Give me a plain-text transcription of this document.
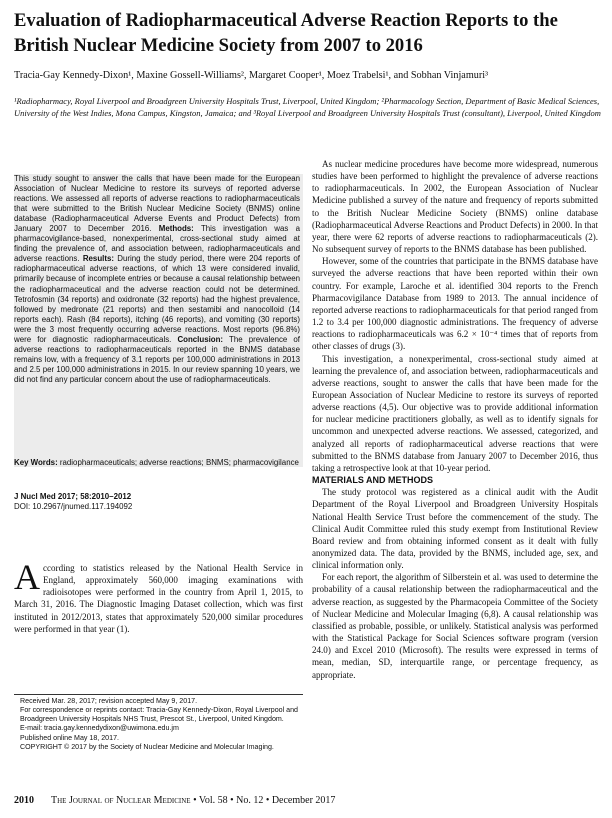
Evaluation of Radiopharmaceutical Adverse Reaction Reports to the British Nuclear Medicine Society from 2007 to 2016
Tracia-Gay Kennedy-Dixon¹, Maxine Gossell-Williams², Margaret Cooper¹, Moez Trabelsi¹, and Sobhan Vinjamuri³
¹Radiopharmacy, Royal Liverpool and Broadgreen University Hospitals Trust, Liverpool, United Kingdom; ²Pharmacology Section, Department of Basic Medical Sciences, University of the West Indies, Mona Campus, Kingston, Jamaica; and ³Royal Liverpool and Broadgreen University Hospitals Trust (consultant), Liverpool, United Kingdom
This study sought to answer the calls that have been made for the European Association of Nuclear Medicine to restore its surveys of reported adverse reactions. We assessed all reports of adverse reactions to radiopharmaceuticals that were submitted to the British Nuclear Medicine Society (BNMS) online database (Radiopharmaceutical Adverse Events and Product Defects) from January 2007 to December 2016. Methods: This investigation was a pharmacovigilance-based, nonexperimental, cross-sectional study aimed at finding the prevalence of, and association between, radiopharmaceuticals and adverse reactions. Results: During the study period, there were 204 reports of radiopharmaceutical adverse reactions, of which 13 were considered invalid, primarily because of incomplete entries or because a causal relationship between the radiopharmaceutical and the adverse reaction could not be determined. Tetrofosmin (34 reports) and oxidronate (32 reports) had the highest prevalence, followed by medronate (21 reports) and then sestamibi and nanocolloid (14 reports each). Rash (84 reports), itching (46 reports), and vomiting (30 reports) were the 3 most frequently occurring adverse reactions. Most reports (96.8%) were for diagnostic radiopharmaceuticals. Conclusion: The prevalence of adverse reactions to radiopharmaceuticals reported in the BNMS database remains low, with a frequency of 3.1 reports per 100,000 administrations in 2013 and 2.5 per 100,000 administrations in 2015. In our review spanning 10 years, we did not find any particular concern about the use of radiopharmaceuticals.
Key Words: radiopharmaceuticals; adverse reactions; BNMS; pharmacovigilance
J Nucl Med 2017; 58:2010–2012
DOI: 10.2967/jnumed.117.194092
According to statistics released by the National Health Service in England, approximately 560,000 imaging examinations with radioisotopes were performed in the country from April 1, 2015, to March 31, 2016. The Diagnostic Imaging Dataset collection, which was first instituted in 2012/2013, states that approximately 520,000 similar procedures were performed in that year (1).
Received Mar. 28, 2017; revision accepted May 9, 2017.
For correspondence or reprints contact: Tracia-Gay Kennedy-Dixon, Royal Liverpool and Broadgreen University Hospitals NHS Trust, Prescot St., Liverpool, United Kingdom.
E-mail: tracia.gay.kennedydixon@uwimona.edu.jm
Published online May 18, 2017.
COPYRIGHT © 2017 by the Society of Nuclear Medicine and Molecular Imaging.

As nuclear medicine procedures have become more widespread, numerous studies have been performed to highlight the prevalence of adverse reactions to radiopharmaceuticals. In 2002, the European Association of Nuclear Medicine published a survey of the nature and frequency of reports submitted to the British Nuclear Medicine Society (BNMS) online database (Radiopharmaceutical Adverse Reactions and Product Defects) in 2000. In that year, there were 62 reports of adverse reactions to radiopharmaceuticals (2). No subsequent survey of reports to the BNMS database has been published.

However, some of the countries that participate in the BNMS database have surveyed the adverse reactions that have been reported within their own country. For example, Laroche et al. identified 304 reports to the French Pharmacovigilance Database from 1989 to 2013. The annual incidence of reported adverse reactions to radiopharmaceuticals for that period ranged from 1.2 to 3.4 per 100,000 diagnostic administrations. The frequency of adverse reactions to radiopharmaceuticals was 6.2 × 10⁻⁴ times that of reports from other classes of drugs (3).

This investigation, a nonexperimental, cross-sectional study aimed at learning the prevalence of, and association between, radiopharmaceuticals and adverse reactions, sought to answer the calls that have been made for the European Association of Nuclear Medicine to restore its surveys of reported adverse reactions (4,5). Our objective was to provide additional information for nuclear medicine practitioners globally, as well as to identify signals for uncommon and unexpected adverse reactions. We assessed, categorized, and analyzed all reports of radiopharmaceutical adverse reactions that were submitted to the BNMS database from January 2007 to December 2016, thus taking a retrospective look at that 10-year period.

MATERIALS AND METHODS

The study protocol was registered as a clinical audit with the Audit Department of the Royal Liverpool and Broadgreen University Hospitals National Health Service Trust before the commencement of the study. The Clinical Audit Committee ruled this study exempt from Institutional Review Board review and from obtaining informed consent as it dealt with fully anonymized data. The data, provided by the BNMS, included age, sex, and clinical information only.

For each report, the algorithm of Silberstein et al. was used to determine the probability of a causal relationship between the radiopharmaceutical and the adverse reaction, as suggested by the Pharmacopeia Committee of the Society of Nuclear Medicine and Molecular Imaging (6,8). A causal relationship was classified as probable, possible, or unlikely. Statistical analysis was performed with the Statistical Package for Social Sciences software program (version 24.0) and Excel 2010 (Microsoft). The results were expressed in terms of mean, median, SD, interquartile range, or percentage frequency, as appropriate.

2010 The Journal of Nuclear Medicine • Vol. 58 • No. 12 • December 2017
